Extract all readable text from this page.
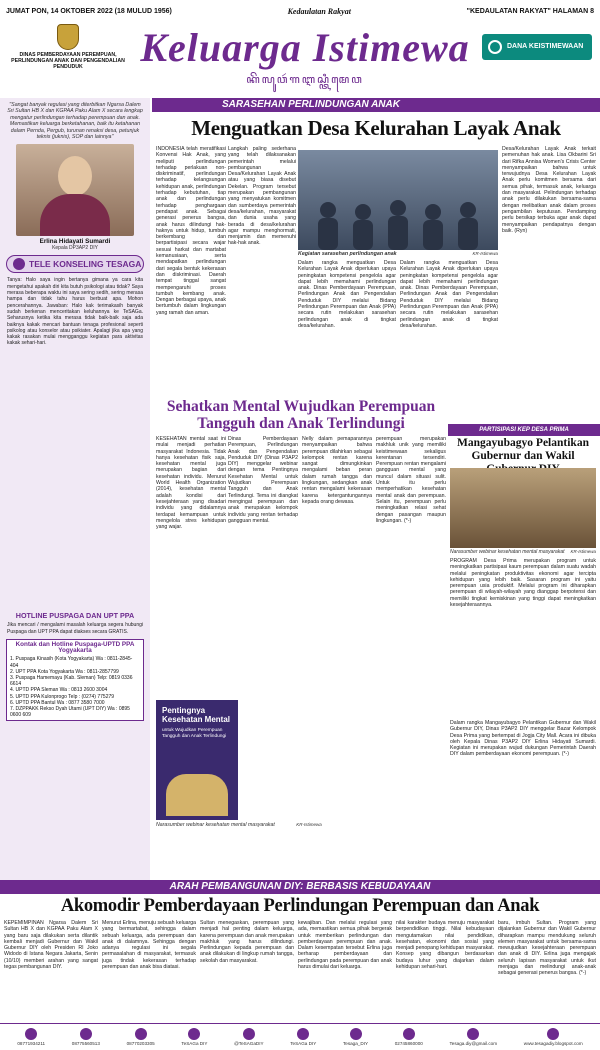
JUMAT PON, 14 OKTOBER 2022 (18 MULUD 1956)	Kedaulatan Rakyat	"KEDAULATAN RAKYAT" HALAMAN 8
DINAS PEMBERDAYAAN PEREMPUAN, PERLINDUNGAN ANAK DAN PENGENDALIAN PENDUDUK	Keluarga Istimewa
ꦏꦼꦭꦸꦮꦂꦒꦆꦱ꧀ꦠꦶꦩꦺꦮ
DANA KEISTIMEWAAN
"Sangat banyak regulasi yang diterbitkan Ngarsa Dalem Sri Sultan HB X dan KGPAA Paku Alam X secara lengkap mengatur perlindungan terhadap perempuan dan anak. Memastikan keluarga berketahanan, baik itu ketahanan dalam Pernda, Pergub, turunan renaksi desa, petunjuk teknis (juknis), SOP dan lainnya"
Erlina Hidayati Sumardi
Kepala DP3AP2 DIY
TELE KONSELING TESAGA
Tanya: Halo saya ingin bertanya gimana ya cara kita mengetahui apakah diri kita butuh psikologi atau tidak? Saya merasa beberapa waktu ini saya sering sedih, sering merasa hampa dan tidak tahu harus berbuat apa. Mohon pencerahannya. Jawaban: Halo kak terimakasih banyak sudah berkenan menceritakan keluhannya ke TeSAGa. Seharusnya ketika kita merasa tidak baik-baik saja ada baiknya kakak mencari bantuan tenaga profesional seperti psikolog atau konselor atau psikiater. Apalagi jika apa yang kakak rasakan mulai mengganggu kegiatan para aktivitas kakak sehari-hari.
HOTLINE PUSPAGA DAN UPT PPA
Jika mencari / mengalami masalah keluarga segera hubungi Puspaga dan UPT PPA dapat diakses secara GRATIS.
Kontak dan Hotline Puspaga-UPTD PPA Yogyakarta
1. Puspaga Kinasih (Kota Yogyakarta) Wa : 0811-2845-404
2. UPT PPA Kota Yogyakarta Wa : 0811-2857799
3. Puspaga Hamemayu (Kab. Sleman) Telp: 0819 0336 6614
4. UPTD PPA Sleman Wa : 0813 2600 3004
5. UPTD PPA Kulonprogo Telp : (0274) 775279
6. UPTD PPA Bantul Wa : 0877 3580 7000
7. DZPPAKK Rekso Dyah Utami (UPT DIY) Wa : 0895 0600 609
SARASEHAN PERLINDUNGAN ANAK
Menguatkan Desa Kelurahan Layak Anak
INDONESIA telah meratifikasi Konvensi Hak Anak, yang meliputi perlindungan terhadap perlakuan non-diskriminatif, perlindungan terhadap kelangsungan kehidupan anak, perlindungan terhadap kebutuhan, tiap anak dan perlindungan terhadap penghargaan pendapat anak. Sebagai generasi penerus bangsa, anak harus dilindungi hak-haknya untuk hidup, tumbuh berkembang dan berpartisipasi secara wajar sesuai harkat dan martabat kemanusiaan, serta mendapatkan perlindungan dari segala bentuk kekerasan dan diskriminasi. Daerah tempat tinggal sangat mempengaruhi proses tumbuh kembang anak. Dengan berbagai upaya, anak bertumbuh dalam lingkungan yang ramah dan aman.
Langkah paling sederhana yang telah dilaksanakan pemerintah melalui pembangunan Desa/Kelurahan Layak Anak atau yang biasa disebut Dekelan. Program tersebut merupakan pembangunan yang menyatukan komitmen dan sumberdaya pemerintah desa/kelurahan, masyarakat dan dunia usaha yang berada di desa/kelurahan agar mampu menghormati, menjamin dan memenuhi hak-hak anak.
Kegiatan sarasehan perlindungan anak	KR-Istimewa
Dalam rangka menguatkan Desa Kelurahan Layak Anak diperlukan upaya peningkatan kompetensi pengelola agar dapat lebih memahami perlindungan anak. Dinas Pemberdayaan Perempuan, Perlindungan Anak dan Pengendalian Penduduk DIY melalui Bidang Perlindungan Perempuan dan Anak (PPA) secara rutin melakukan sarasehan perlindungan anak di tingkat desa/kelurahan.
Dalam rangka menguatkan Desa Kelurahan Layak Anak diperlukan upaya peningkatan kompetensi pengelola agar dapat lebih memahami perlindungan anak. Dinas Pemberdayaan Perempuan, Perlindungan Anak dan Pengendalian Penduduk DIY melalui Bidang Perlindungan Perempuan dan Anak (PPA) secara rutin melakukan sarasehan perlindungan anak di tingkat desa/kelurahan.
Desa/Kelurahan Layak Anak terkait pemenuhan hak anak. Lisa Okbarini Sri dari Rifka Annisa Women's Crisis Center menyampaikan bahwa untuk terwujudnya Desa Kelurahan Layak Anak perlu komitmen bersama dari semua pihak, termasuk anak, keluarga dan masyarakat. Pelindungan terhadap anak perlu dilakukan bersama-sama dengan melibatkan anak dalam proses pengambilan keputusan. Pendamping perlu bersikap terbuka agar anak dapat menyampaikan pendapatnya dengan baik. (Ryn)
Sehatkan Mental Wujudkan Perempuan Tangguh dan Anak Terlindungi
KESEHATAN mental saat ini mulai menjadi perhatian masyarakat Indonesia. Tidak hanya kesehatan fisik saja, kesehatan mental juga merupakan bagian dari kesehatan individu. Menurut World Health Organization (2014), kesehatan mental adalah kondisi dari kesejahteraan yang disadari individu yang didalamnya terdapat kemampuan untuk mengelola stres kehidupan yang wajar.
Dinas Pemberdayaan Perempuan, Perlindungan Anak dan Pengendalian Penduduk DIY (Dinas P3AP2 DIY) menggelar webinar dengan tema Pentingnya Kesehatan Mental untuk Wujudkan Perempuan Tangguh dan Anak Terlindungi. Tema ini diangkat mengingat perempuan dan anak merupakan kelompok individu yang rentan terhadap gangguan mental.
Nelly dalam pemaparannya menyampaikan bahwa perempuan dilahirkan sebagai kelompok rentan karena sangat dimungkinkan mengalami beban peran dalam rumah tangga dan lingkungan, sedangkan anak rentan mengalami kekerasan karena ketergantungannya kepada orang dewasa.
perempuan merupakan makhluk unik yang memiliki keistimewaan sekaligus kerentanan tersendiri. Perempuan rentan mengalami gangguan mental yang muncul dalam situasi sulit. Untuk itu perlu memperhatikan kesehatan mental anak dan perempuan. Selain itu, perempuan perlu meningkatkan relasi sehat dengan pasangan maupun lingkungan. (*-)
Pentingnya Kesehatan Mental
untuk Wujudkan Perempuan Tangguh dan Anak Terlindungi
Narasumber webinar kesehatan mental masyarakat	KR-Istimewa
PARTISIPASI KEP DESA PRIMA
Mangayubagyo Pelantikan Gubernur dan Wakil
Narasumber webinar kesehatan mental masyarakat KR-Istimewa
PROGRAM Desa Prima merupakan program untuk meningkatkan partisipasi kaum perempuan dalam suatu wadah melalui peningkatan produktivitas ekonomi agar tercipta kehidupan yang lebih baik. Sasaran program ini yaitu perempuan usia produktif. Melalui program ini diharapkan perempuan di wilayah-wilayah yang dianggap berpotensi dan memiliki tingkat kemiskinan yang tinggi dapat meningkatkan kesejahteraannya.
Dalam rangka Mangayubagyo Pelantikan Gubernur dan Wakil Gubernur DIY, Dinas P3AP2 DIY menggelar Bazar Kelompok Desa Prima yang bertempat di Jogja City Mall. Acara ini dibuka oleh Kepala Dinas P3AP2 DIY Erlina Hidayati Sumardi. Kegiatan ini merupakan wujud dukungan Pemerintah Daerah DIY dalam pemberdayaan ekonomi perempuan. (*-)
ARAH PEMBANGUNAN DIY: BERBASIS KEBUDAYAAN
Akomodir Pemberdayaan Perlindungan Perempuan dan Anak
KEPEMIMPINAN Ngarsa Dalem Sri Sultan HB X dan KGPAA Paku Alam X yang baru saja dilakukan serta dilantik kembali menjadi Gubernur dan Wakil Gubernur DIY oleh Presiden RI Joko Widodo di Istana Negara Jakarta, Senin (10/10) memberi arahan yang sangat tegas pembangunan DIY.
Menurut Erlina, menuju sebuah keluarga yang bermartabat, sehingga dalam sebuah keluarga, ada perempuan dan anak di dalamnya. Sehingga dengan adanya regulasi ini segala permasalahan di masyarakat, termasuk juga tindak kekerasan terhadap perempuan dan anak bisa diatasi.
Sultan menegaskan, perempuan yang menjadi hal penting dalam keluarga, karena perempuan dan anak merupakan makhluk yang harus dilindungi. Perlindungan kepada perempuan dan anak dilakukan di lingkup rumah tangga, sekolah dan masyarakat.
kewajiban. Dan melalui regulasi yang ada, memastikan semua pihak bergerak untuk memberikan perlindungan dan pemberdayaan perempuan dan anak. Dalam kesempatan tersebut Erlina juga berharap pemberdayaan dan perlindungan pada perempuan dan anak harus dimulai dari keluarga.
nilai karakter budaya menuju masyarakat berpendidikan tinggi. Nilai kebudayaan mengutamakan nilai pendidikan, kesehatan, ekonomi dan sosial yang menjadi penopang kehidupan masyarakat. Konsep yang dibangun berdasarkan budaya luhur yang diajarkan dalam kehidupan sehari-hari.
baru, imbuh Sultan. Program yang dijalankan Gubernur dan Wakil Gubernur diharapkan mampu mendukung seluruh elemen masyarakat untuk bersama-sama mewujudkan kesejahteraan perempuan dan anak di DIY. Erlina juga mengajak seluruh lapisan masyarakat untuk ikut menjaga dan melindungi anak-anak sebagai generasi penerus bangsa. (*-)
08771934211	08775560513	08770203305	TeSAGa DIY	@TeSAGaDIY	TeSAGa DIY	Tesaga_DIY	02745860000	Tesaga.diy@gmail.com	www.tesagadiy.blogspot.com
